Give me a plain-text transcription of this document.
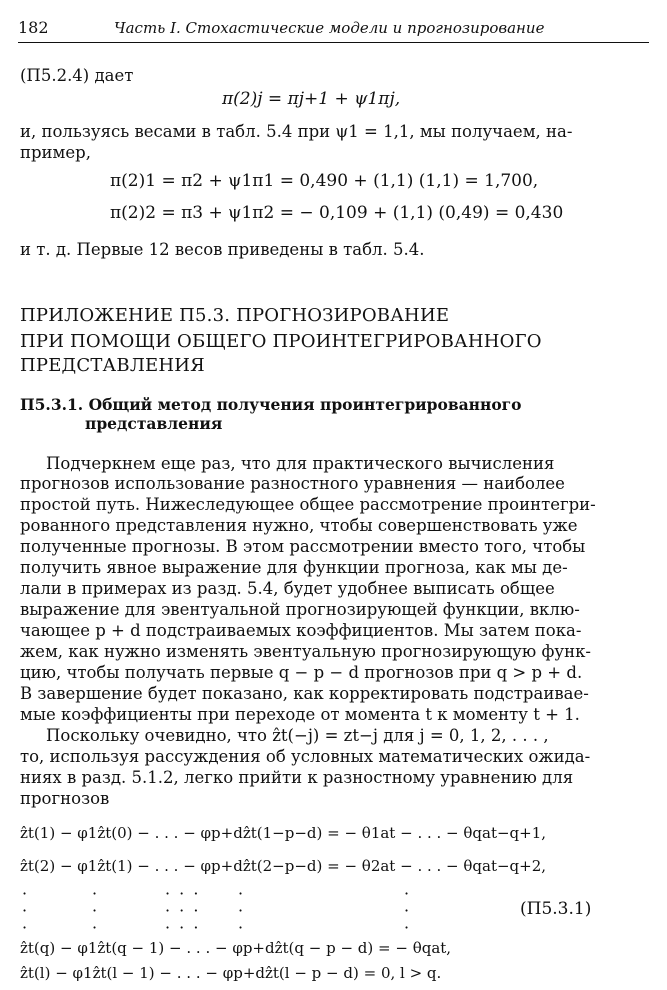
182	Часть I. Стохастические модели и прогнозирование
(П5.2.4) дает
π(2)j = πj+1 + ψ1πj,
и, пользуясь весами в табл. 5.4 при ψ1 = 1,1, мы получаем, на-
пример,
π(2)1 = π2 + ψ1π1 = 0,490 + (1,1) (1,1) = 1,700,
π(2)2 = π3 + ψ1π2 = − 0,109 + (1,1) (0,49) = 0,430
и т. д. Первые 12 весов приведены в табл. 5.4.
ПРИЛОЖЕНИЕ П5.3. ПРОГНОЗИРОВАНИЕ
ПРИ ПОМОЩИ ОБЩЕГО ПРОИНТЕГРИРОВАННОГО
ПРЕДСТАВЛЕНИЯ
П5.3.1. Общий метод получения проинтегрированного
представления
Подчеркнем еще раз, что для практического вычисления
прогнозов использование разностного уравнения — наиболее
простой путь. Нижеследующее общее рассмотрение проинтегри-
рованного представления нужно, чтобы совершенствовать уже
полученные прогнозы. В этом рассмотрении вместо того, чтобы
получить явное выражение для функции прогноза, как мы де-
лали в примерах из разд. 5.4, будет удобнее выписать общее
выражение для эвентуальной прогнозирующей функции, вклю-
чающее p + d подстраиваемых коэффициентов. Мы затем пока-
жем, как нужно изменять эвентуальную прогнозирующую функ-
цию, чтобы получать первые q − p − d прогнозов при q > p + d.
В завершение будет показано, как корректировать подстраивае-
мые коэффициенты при переходе от момента t к моменту t + 1.
Поскольку очевидно, что ẑt(−j) = zt−j для j = 0, 1, 2, . . . ,
то, используя рассуждения об условных математических ожида-
ниях в разд. 5.1.2, легко прийти к разностному уравнению для
прогнозов
ẑt(1) − φ1ẑt(0) − . . . − φp+dẑt(1−p−d) = − θ1at − . . . − θqat−q+1,
ẑt(2) − φ1ẑt(1) − . . . − φp+dẑt(2−p−d) = − θ2at − . . . − θqat−q+2,
·
·
·
·
·
·
· · ·
· · ·
· · ·
·
·
·
·
·
·
(П5.3.1)
ẑt(q) − φ1ẑt(q − 1) − . . . − φp+dẑt(q − p − d) = − θqat,
ẑt(l) − φ1ẑt(l − 1) − . . . − φp+dẑt(l − p − d) = 0, l > q.
